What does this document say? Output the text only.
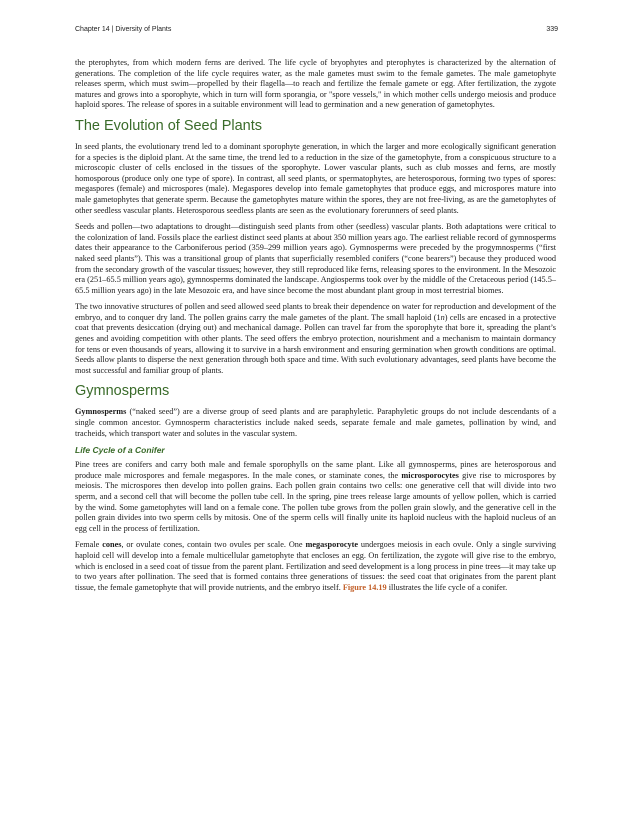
Chapter 14 | Diversity of Plants	339

the pterophytes, from which modern ferns are derived. The life cycle of bryophytes and pterophytes is characterized by the alternation of generations. The completion of the life cycle requires water, as the male gametes must swim to the female gametes. The male gametophyte releases sperm, which must swim—propelled by their flagella—to reach and fertilize the female gamete or egg. After fertilization, the zygote matures and grows into a sporophyte, which in turn will form sporangia, or "spore vessels," in which mother cells undergo meiosis and produce haploid spores. The release of spores in a suitable environment will lead to germination and a new generation of gametophytes.

The Evolution of Seed Plants

In seed plants, the evolutionary trend led to a dominant sporophyte generation, in which the larger and more ecologically significant generation for a species is the diploid plant. At the same time, the trend led to a reduction in the size of the gametophyte, from a conspicuous structure to a microscopic cluster of cells enclosed in the tissues of the sporophyte. Lower vascular plants, such as club mosses and ferns, are mostly homosporous (produce only one type of spore). In contrast, all seed plants, or spermatophytes, are heterosporous, forming two types of spores: megaspores (female) and microspores (male). Megaspores develop into female gametophytes that produce eggs, and microspores mature into male gametophytes that generate sperm. Because the gametophytes mature within the spores, they are not free-living, as are the gametophytes of other seedless vascular plants. Heterosporous seedless plants are seen as the evolutionary forerunners of seed plants.

Seeds and pollen—two adaptations to drought—distinguish seed plants from other (seedless) vascular plants. Both adaptations were critical to the colonization of land. Fossils place the earliest distinct seed plants at about 350 million years ago. The earliest reliable record of gymnosperms dates their appearance to the Carboniferous period (359–299 million years ago). Gymnosperms were preceded by the progymnosperms (“first naked seed plants”). This was a transitional group of plants that superficially resembled conifers (“cone bearers”) because they produced wood from the secondary growth of the vascular tissues; however, they still reproduced like ferns, releasing spores to the environment. In the Mesozoic era (251–65.5 million years ago), gymnosperms dominated the landscape. Angiosperms took over by the middle of the Cretaceous period (145.5–65.5 million years ago) in the late Mesozoic era, and have since become the most abundant plant group in most terrestrial biomes.

The two innovative structures of pollen and seed allowed seed plants to break their dependence on water for reproduction and development of the embryo, and to conquer dry land. The pollen grains carry the male gametes of the plant. The small haploid (1n) cells are encased in a protective coat that prevents desiccation (drying out) and mechanical damage. Pollen can travel far from the sporophyte that bore it, spreading the plant’s genes and avoiding competition with other plants. The seed offers the embryo protection, nourishment and a mechanism to maintain dormancy for tens or even thousands of years, allowing it to survive in a harsh environment and ensuring germination when growth conditions are optimal. Seeds allow plants to disperse the next generation through both space and time. With such evolutionary advantages, seed plants have become the most successful and familiar group of plants.

Gymnosperms

Gymnosperms (“naked seed”) are a diverse group of seed plants and are paraphyletic. Paraphyletic groups do not include descendants of a single common ancestor. Gymnosperm characteristics include naked seeds, separate female and male gametes, pollination by wind, and tracheids, which transport water and solutes in the vascular system.

Life Cycle of a Conifer

Pine trees are conifers and carry both male and female sporophylls on the same plant. Like all gymnosperms, pines are heterosporous and produce male microspores and female megaspores. In the male cones, or staminate cones, the microsporocytes give rise to microspores by meiosis. The microspores then develop into pollen grains. Each pollen grain contains two cells: one generative cell that will divide into two sperm, and a second cell that will become the pollen tube cell. In the spring, pine trees release large amounts of yellow pollen, which is carried by the wind. Some gametophytes will land on a female cone. The pollen tube grows from the pollen grain slowly, and the generative cell in the pollen grain divides into two sperm cells by mitosis. One of the sperm cells will finally unite its haploid nucleus with the haploid nucleus of an egg cell in the process of fertilization.

Female cones, or ovulate cones, contain two ovules per scale. One megasporocyte undergoes meiosis in each ovule. Only a single surviving haploid cell will develop into a female multicellular gametophyte that encloses an egg. On fertilization, the zygote will give rise to the embryo, which is enclosed in a seed coat of tissue from the parent plant. Fertilization and seed development is a long process in pine trees—it may take up to two years after pollination. The seed that is formed contains three generations of tissues: the seed coat that originates from the parent plant tissue, the female gametophyte that will provide nutrients, and the embryo itself. Figure 14.19 illustrates the life cycle of a conifer.
